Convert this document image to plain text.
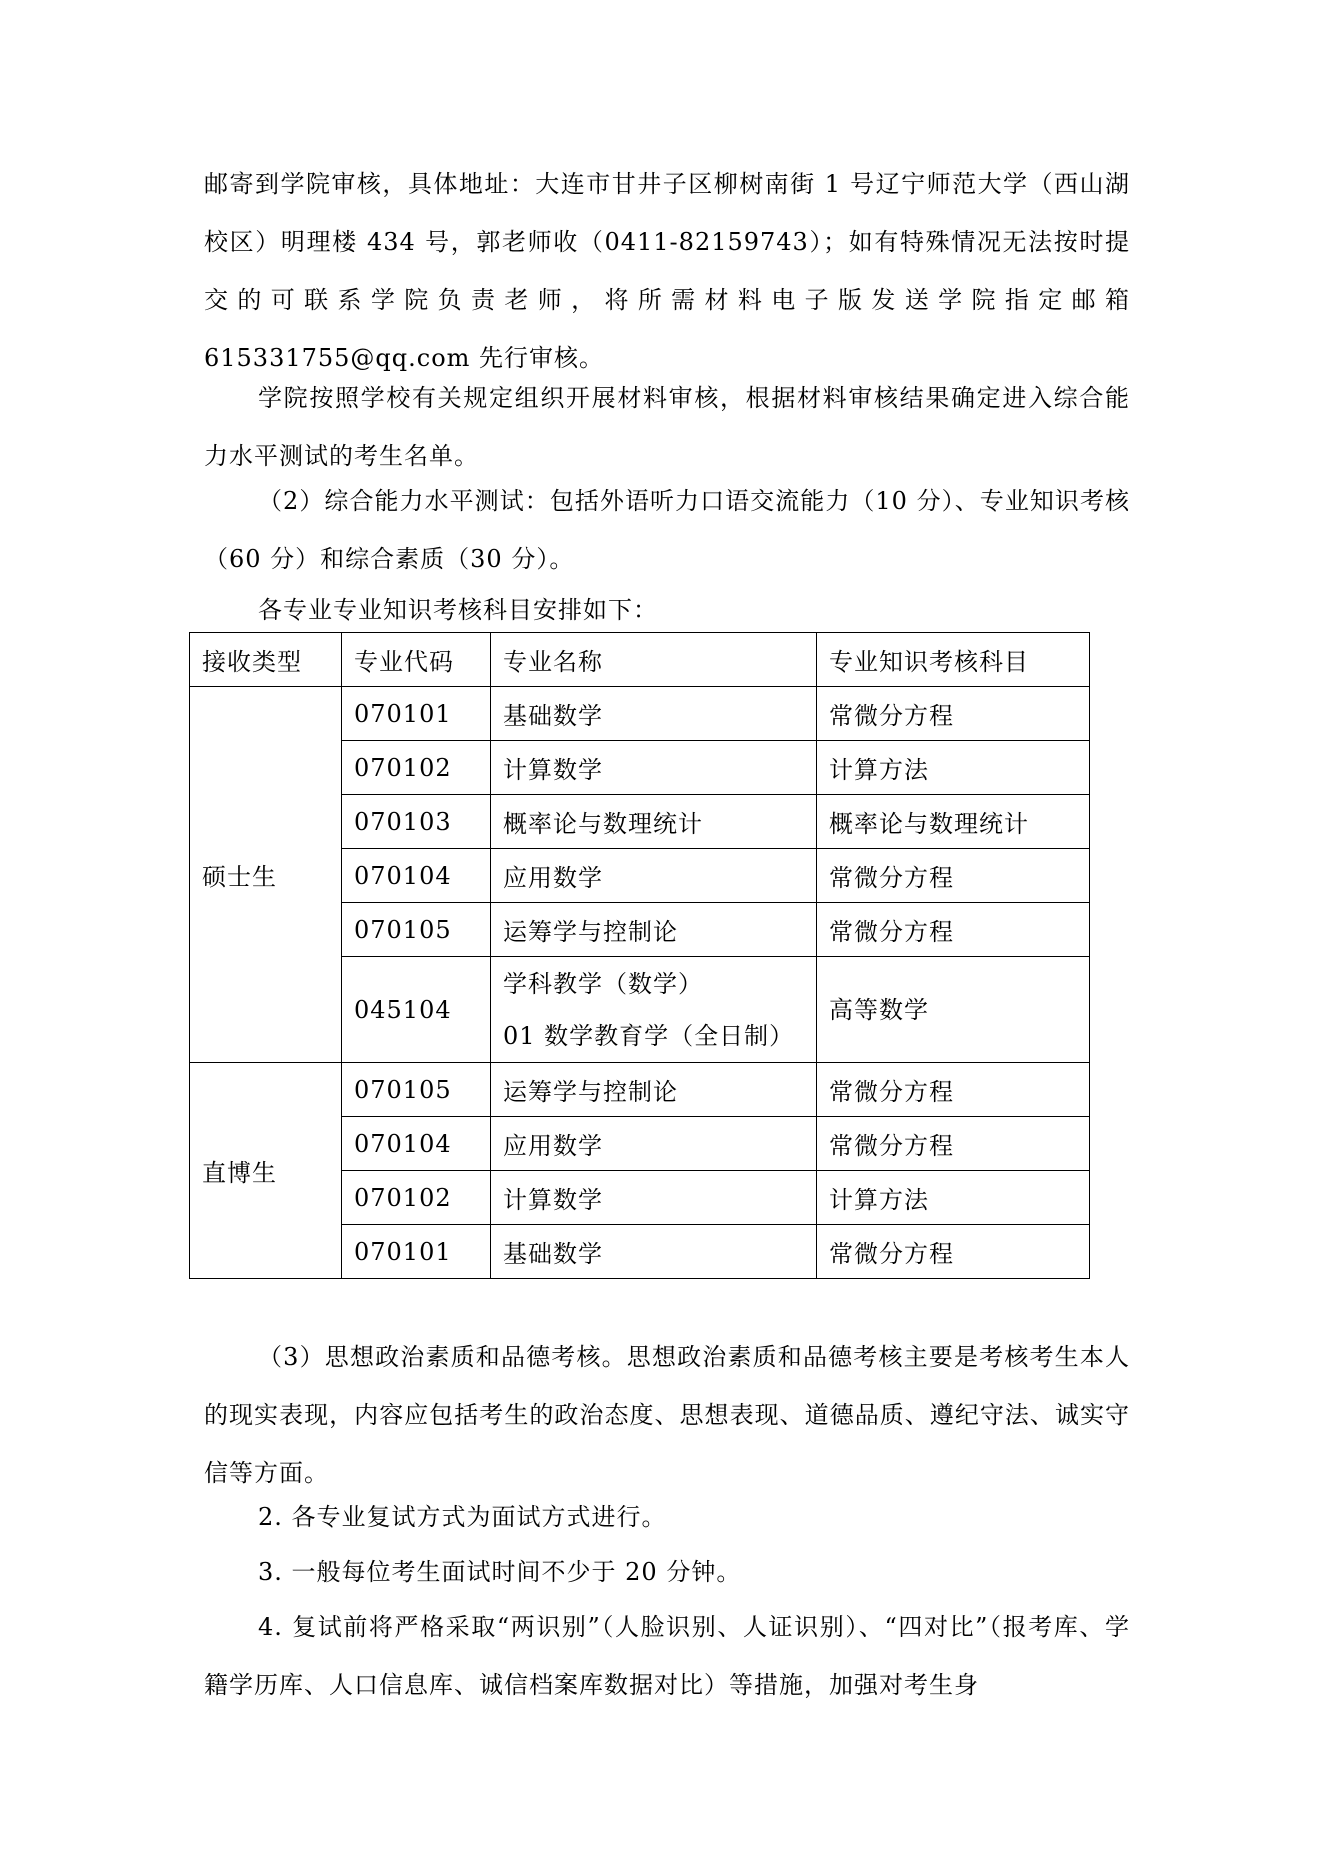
邮寄到学院审核，具体地址：大连市甘井子区柳树南街 1 号辽宁师范大学（西山湖校区）明理楼 434 号，郭老师收（0411-82159743）；如有特殊情况无法按时提交的可联系学院负责老师，将所需材料电子版发送学院指定邮箱 615331755@qq.com 先行审核。

学院按照学校有关规定组织开展材料审核，根据材料审核结果确定进入综合能力水平测试的考生名单。

（2）综合能力水平测试：包括外语听力口语交流能力（10 分）、专业知识考核（60 分）和综合素质（30 分）。

各专业专业知识考核科目安排如下：

接收类型	专业代码	专业名称	专业知识考核科目
硕士生	070101	基础数学	常微分方程
	070102	计算数学	计算方法
	070103	概率论与数理统计	概率论与数理统计
	070104	应用数学	常微分方程
	070105	运筹学与控制论	常微分方程
	045104	学科教学（数学）
01 数学教育学（全日制）	高等数学
直博生	070105	运筹学与控制论	常微分方程
	070104	应用数学	常微分方程
	070102	计算数学	计算方法
	070101	基础数学	常微分方程

（3）思想政治素质和品德考核。思想政治素质和品德考核主要是考核考生本人的现实表现，内容应包括考生的政治态度、思想表现、道德品质、遵纪守法、诚实守信等方面。

2. 各专业复试方式为面试方式进行。

3. 一般每位考生面试时间不少于 20 分钟。

4. 复试前将严格采取“两识别”（人脸识别、人证识别）、“四对比”（报考库、学籍学历库、人口信息库、诚信档案库数据对比）等措施，加强对考生身
